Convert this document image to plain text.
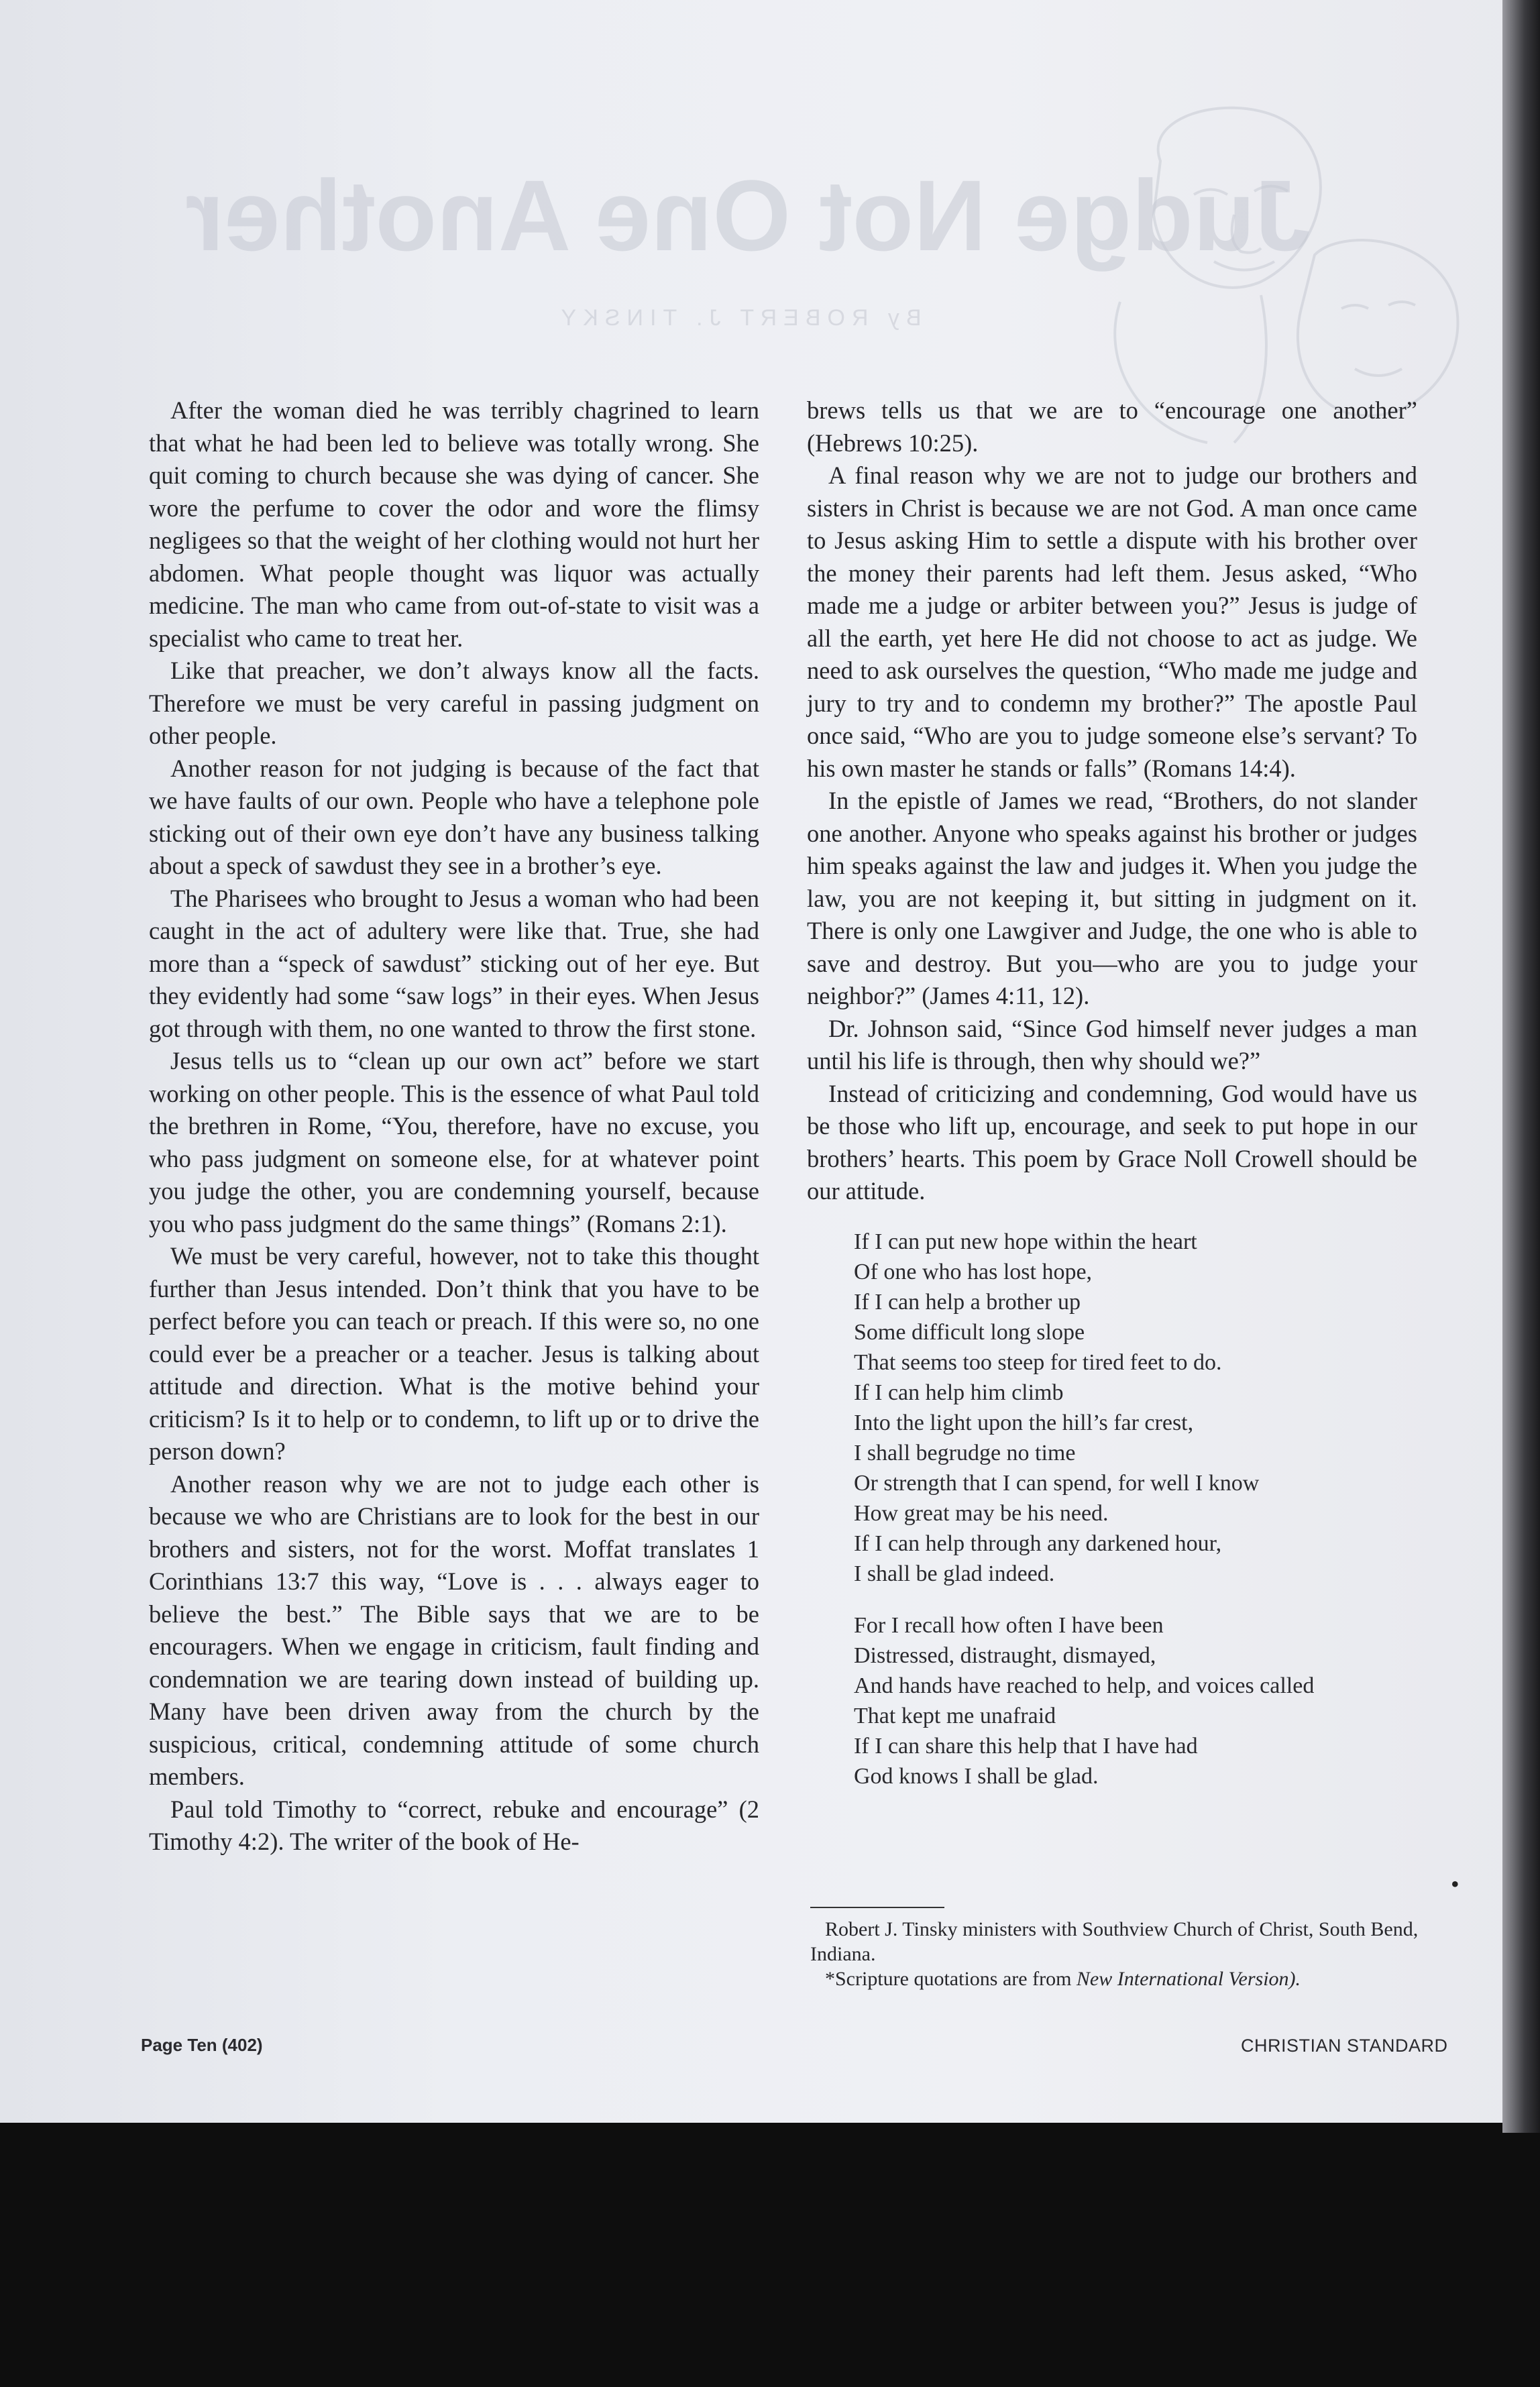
Judge Not One Another
By ROBERT J. TINSKY

After the woman died he was terribly chagrined to learn that what he had been led to believe was totally wrong. She quit coming to church because she was dying of cancer. She wore the perfume to cover the odor and wore the flimsy negligees so that the weight of her clothing would not hurt her abdomen. What people thought was liquor was actually medicine. The man who came from out-of-state to visit was a specialist who came to treat her.

Like that preacher, we don’t always know all the facts. Therefore we must be very careful in passing judgment on other people.

Another reason for not judging is because of the fact that we have faults of our own. People who have a telephone pole sticking out of their own eye don’t have any business talking about a speck of sawdust they see in a brother’s eye.

The Pharisees who brought to Jesus a woman who had been caught in the act of adultery were like that. True, she had more than a “speck of sawdust” sticking out of her eye. But they evidently had some “saw logs” in their eyes. When Jesus got through with them, no one wanted to throw the first stone.

Jesus tells us to “clean up our own act” before we start working on other people. This is the essence of what Paul told the brethren in Rome, “You, therefore, have no excuse, you who pass judgment on someone else, for at whatever point you judge the other, you are condemning yourself, because you who pass judgment do the same things” (Romans 2:1).

We must be very careful, however, not to take this thought further than Jesus intended. Don’t think that you have to be perfect before you can teach or preach. If this were so, no one could ever be a preacher or a teacher. Jesus is talking about attitude and direction. What is the motive behind your criticism? Is it to help or to condemn, to lift up or to drive the person down?

Another reason why we are not to judge each other is because we who are Christians are to look for the best in our brothers and sisters, not for the worst. Moffat translates 1 Corinthians 13:7 this way, “Love is . . . always eager to believe the best.” The Bible says that we are to be encouragers. When we engage in criticism, fault finding and condemnation we are tearing down instead of building up. Many have been driven away from the church by the suspicious, critical, condemning attitude of some church members.

Paul told Timothy to “correct, rebuke and encourage” (2 Timothy 4:2). The writer of the book of He-

brews tells us that we are to “encourage one another” (Hebrews 10:25).

A final reason why we are not to judge our brothers and sisters in Christ is because we are not God. A man once came to Jesus asking Him to settle a dispute with his brother over the money their parents had left them. Jesus asked, “Who made me a judge or arbiter between you?” Jesus is judge of all the earth, yet here He did not choose to act as judge. We need to ask ourselves the question, “Who made me judge and jury to try and to condemn my brother?” The apostle Paul once said, “Who are you to judge someone else’s servant? To his own master he stands or falls” (Romans 14:4).

In the epistle of James we read, “Brothers, do not slander one another. Anyone who speaks against his brother or judges him speaks against the law and judges it. When you judge the law, you are not keeping it, but sitting in judgment on it. There is only one Lawgiver and Judge, the one who is able to save and destroy. But you—who are you to judge your neighbor?” (James 4:11, 12).

Dr. Johnson said, “Since God himself never judges a man until his life is through, then why should we?”

Instead of criticizing and condemning, God would have us be those who lift up, encourage, and seek to put hope in our brothers’ hearts. This poem by Grace Noll Crowell should be our attitude.

If I can put new hope within the heart
Of one who has lost hope,
If I can help a brother up
Some difficult long slope
That seems too steep for tired feet to do.
If I can help him climb
Into the light upon the hill’s far crest,
I shall begrudge no time
Or strength that I can spend, for well I know
How great may be his need.
If I can help through any darkened hour,
I shall be glad indeed.
For I recall how often I have been
Distressed, distraught, dismayed,
And hands have reached to help, and voices called
That kept me unafraid
If I can share this help that I have had
God knows I shall be glad.
•

Robert J. Tinsky ministers with Southview Church of Christ, South Bend, Indiana.

*Scripture quotations are from New International Version).

Page Ten (402)	CHRISTIAN STANDARD
